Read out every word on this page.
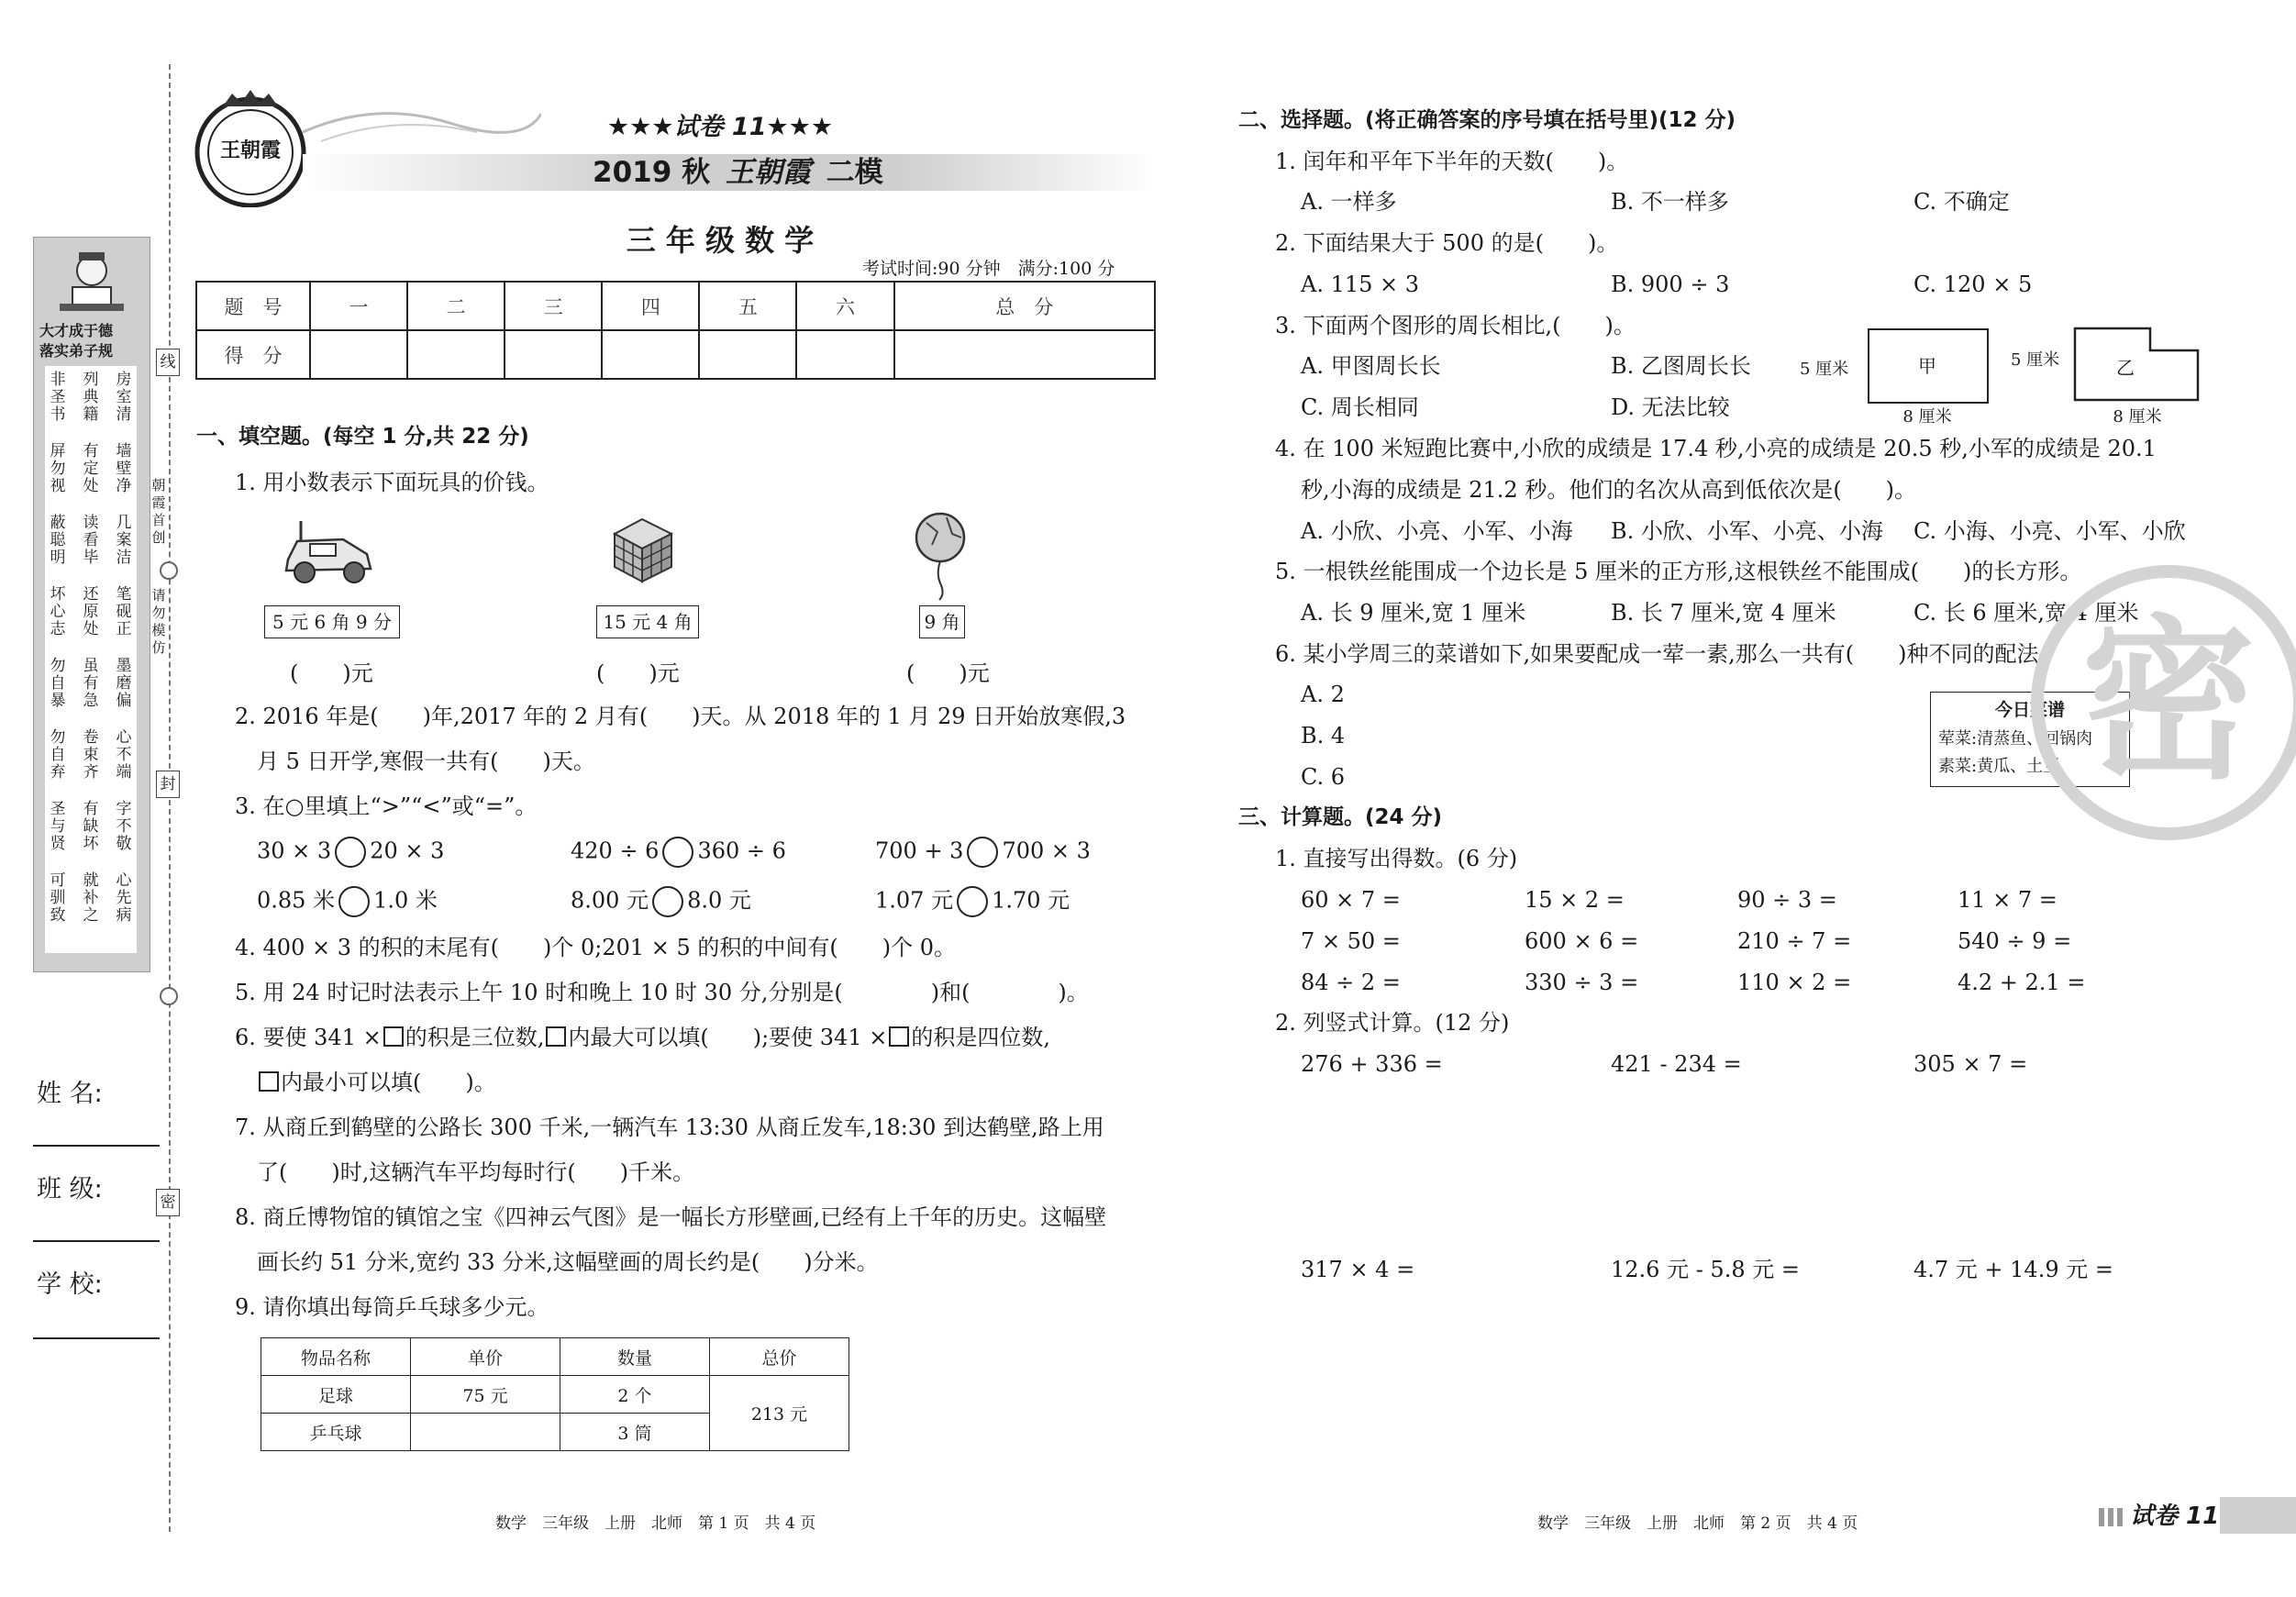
大才成于德
落实弟子规
非圣书
屏勿视
蔽聪明
坏心志
勿自暴
勿自弃
圣与贤
可驯致
列典籍
有定处
读看毕
还原处
虽有急
卷束齐
有缺坏
就补之
房室清
墙壁净
几案洁
笔砚正
墨磨偏
心不端
字不敬
心先病
朝霞首创
请勿模仿
线
封
密
姓 名:
班 级:
学 校:
王朝霞
★★★试卷 11★★★
2019 秋 王朝霞 二模
三 年 级 数 学
考试时间:90 分钟　满分:100 分
题　号	一	二	三	四	五	六	总　分
得　分							
一、填空题。(每空 1 分,共 22 分)
1. 用小数表示下面玩具的价钱。
5 元 6 角 9 分	15 元 4 角	9 角
(　　)元	(　　)元	(　　)元
2. 2016 年是(　　)年,2017 年的 2 月有(　　)天。从 2018 年的 1 月 29 日开始放寒假,3
月 5 日开学,寒假一共有(　　)天。
3. 在○里填上“>”“<”或“=”。
30 × 3 20 × 3	420 ÷ 6 360 ÷ 6	700 + 3 700 × 3
0.85 米 1.0 米	8.00 元 8.0 元	1.07 元 1.70 元
4. 400 × 3 的积的末尾有(　　)个 0;201 × 5 的积的中间有(　　)个 0。
5. 用 24 时记时法表示上午 10 时和晚上 10 时 30 分,分别是(　　　　)和(　　　　)。
6. 要使 341 × 的积是三位数, 内最大可以填(　　);要使 341 × 的积是四位数,
内最小可以填(　　)。
7. 从商丘到鹤壁的公路长 300 千米,一辆汽车 13:30 从商丘发车,18:30 到达鹤壁,路上用
了(　　)时,这辆汽车平均每时行(　　)千米。
8. 商丘博物馆的镇馆之宝《四神云气图》是一幅长方形壁画,已经有上千年的历史。这幅壁
画长约 51 分米,宽约 33 分米,这幅壁画的周长约是(　　)分米。
9. 请你填出每筒乒乓球多少元。
物品名称	单价	数量	总价
足球	75 元	2 个	213 元
乒乓球		3 筒	
数学　三年级　上册　北师　第 1 页　共 4 页
二、选择题。(将正确答案的序号填在括号里)(12 分)
1. 闰年和平年下半年的天数(　　)。
A. 一样多	B. 不一样多	C. 不确定
2. 下面结果大于 500 的是(　　)。
A. 115 × 3	B. 900 ÷ 3	C. 120 × 5
3. 下面两个图形的周长相比,(　　)。
A. 甲图周长长	B. 乙图周长长
C. 周长相同	D. 无法比较
5 厘米	甲
8 厘米
5 厘米	乙
8 厘米
4. 在 100 米短跑比赛中,小欣的成绩是 17.4 秒,小亮的成绩是 20.5 秒,小军的成绩是 20.1
秒,小海的成绩是 21.2 秒。他们的名次从高到低依次是(　　)。
A. 小欣、小亮、小军、小海 B. 小欣、小军、小亮、小海 C. 小海、小亮、小军、小欣
5. 一根铁丝能围成一个边长是 5 厘米的正方形,这根铁丝不能围成(　　)的长方形。
A. 长 9 厘米,宽 1 厘米	B. 长 7 厘米,宽 4 厘米	C. 长 6 厘米,宽 4 厘米
6. 某小学周三的菜谱如下,如果要配成一荤一素,那么一共有(　　)种不同的配法。
A. 2
B. 4
C. 6
今日菜谱
荤菜:清蒸鱼、回锅肉
素菜:黄瓜、土豆 密
三、计算题。(24 分)
1. 直接写出得数。(6 分)
60 × 7 =	15 × 2 =	90 ÷ 3 =	11 × 7 =
7 × 50 =	600 × 6 =	210 ÷ 7 =	540 ÷ 9 =
84 ÷ 2 =	330 ÷ 3 =	110 × 2 =	4.2 + 2.1 =
2. 列竖式计算。(12 分)
276 + 336 =	421 - 234 =	305 × 7 =
317 × 4 =	12.6 元 - 5.8 元 =	4.7 元 + 14.9 元 =
数学　三年级　上册　北师　第 2 页　共 4 页	试卷 11
